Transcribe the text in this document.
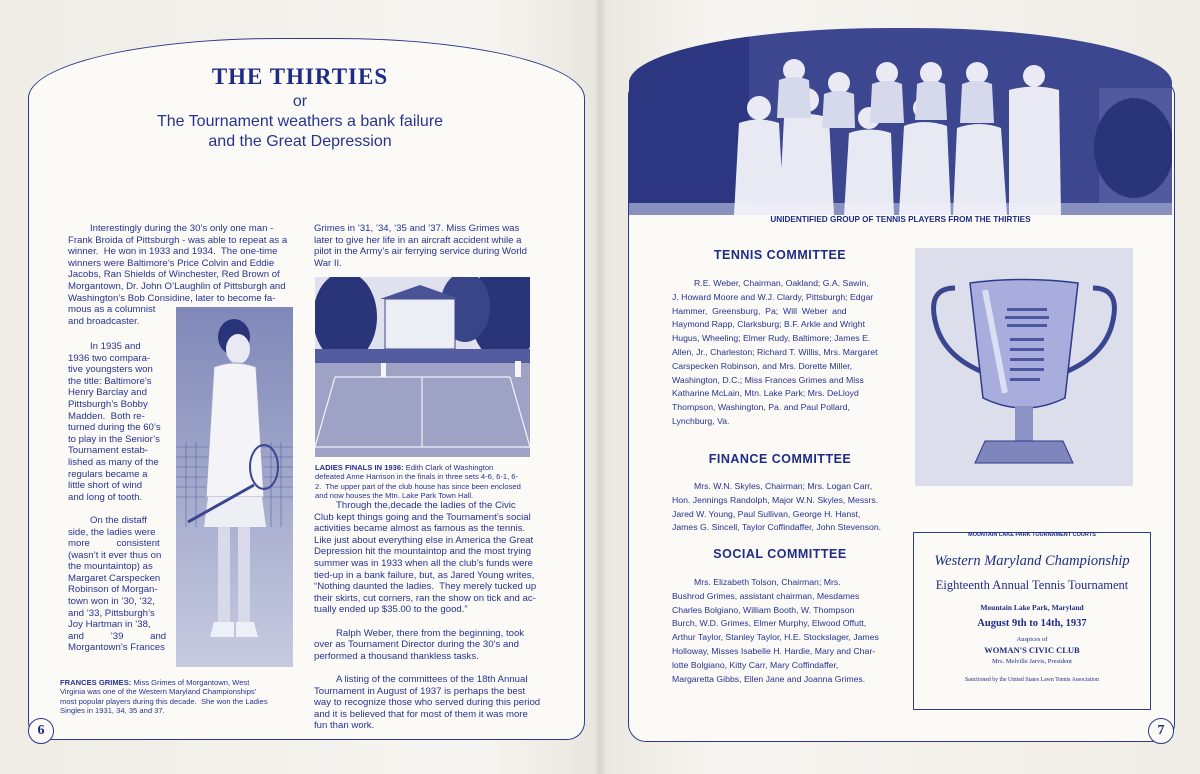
THE THIRTIES
or
The Tournament weathers a bank failure
and the Great Depression
Interestingly during the 30’s only one man -
Frank Broida of Pittsburgh - was able to repeat as a
winner.  He won in 1933 and 1934.  The one-time
winners were Baltimore’s Price Colvin and Eddie
Jacobs, Ran Shields of Winchester, Red Brown of
Morgantown, Dr. John O’Laughlin of Pittsburgh and
Washington’s Bob Considine, later to become fa-
mous as a columnist
and broadcaster.
In 1935 and
1936 two compara-
tive youngsters won
the title: Baltimore’s
Henry Barclay and
Pittsburgh’s Bobby
Madden.  Both re-
turned during the 60’s
to play in the Senior’s
Tournament estab-
lished as many of the
regulars became a
little short of wind
and long of tooth.

On the distaff
side, the ladies were
more          consistent
(wasn’t it ever thus on
the mountaintop) as
Margaret Carspecken
Robinson of Morgan-
town won in ’30, ’32,
and ’33, Pittsburgh’s
Joy Hartman in ’38,
and          ’39          and
Morgantown’s Frances
FRANCES GRIMES: Miss Grimes of Morgantown, West
Virginia was one of the Western Maryland Championships’
most popular players during this decade.  She won the Ladies
Singles in 1931, 34, 35 and 37.
Grimes in ’31, ’34, ’35 and ’37. Miss Grimes was
later to give her life in an aircraft accident while a
pilot in the Army’s air ferrying service during World
War II.
LADIES FINALS IN 1936: Edith Clark of Washington
defeated Anne Harrison in the finals in three sets 4-6, 6-1, 6-
2.  The upper part of the club house has since been enclosed
and now houses the Mtn. Lake Park Town Hall.
Through the,decade the ladies of the Civic
Club kept things going and the Tournament’s social
activities became almost as famous as the tennis.
Like just about everything else in America the Great
Depression hit the mountaintop and the most trying
summer was in 1933 when all the club’s funds were
tied-up in a bank failure, but, as Jared Young writes,
“Nothing daunted the ladies.  They merely tucked up
their skirts, cut corners, ran the show on tick and ac-
tually ended up $35.00 to the good.”

Ralph Weber, there from the beginning, took
over as Tournament Director during the 30’s and
performed a thousand thankless tasks.

A listing of the committees of the 18th Annual
Tournament in August of 1937 is perhaps the best
way to recognize those who served during this period
and it is believed that for most of them it was more
fun than work.
6
UNIDENTIFIED GROUP OF TENNIS PLAYERS FROM THE THIRTIES
TENNIS COMMITTEE
R.E. Weber, Chairman, Oakland; G.A. Sawin,
J. Howard Moore and W.J. Clardy, Pittsburgh; Edgar
Hammer,  Greensburg,  Pa;  Will  Weber  and
Haymond Rapp, Clarksburg; B.F. Arkle and Wright
Hugus, Wheeling; Elmer Rudy, Baltimore; James E.
Allen, Jr., Charleston; Richard T. Willis, Mrs. Margaret
Carspecken Robinson, and Mrs. Dorette Miller,
Washington, D.C.; Miss Frances Grimes and Miss
Katharine McLain, Mtn. Lake Park; Mrs. DeLloyd
Thompson, Washington, Pa. and Paul Pollard,
Lynchburg, Va.
FINANCE COMMITTEE
Mrs. W.N. Skyles, Chairman; Mrs. Logan Carr,
Hon. Jennings Randolph, Major W.N. Skyles, Messrs.
Jared W. Young, Paul Sullivan, George H. Hanst,
James G. Sincell, Taylor Coffindaffer, John Stevenson.
SOCIAL COMMITTEE
Mrs. Elizabeth Tolson, Chairman; Mrs.
Bushrod Grimes, assistant chairman, Mesdames
Charles Bolgiano, William Booth, W. Thompson
Burch, W.D. Grimes, Elmer Murphy, Elwood Offutt,
Arthur Taylor, Stanley Taylor, H.E. Stockslager, James
Holloway, Misses Isabelle H. Hardie, Mary and Char-
lotte Bolgiano, Kitty Carr, Mary Coffindaffer,
Margaretta Gibbs, Ellen Jane and Joanna Grimes.
MOUNTAIN LAKE PARK TOURNAMENT COURTS
Western Maryland Championship
Eighteenth Annual Tennis Tournament
Mountain Lake Park, Maryland
August 9th to 14th, 1937
Auspices of
WOMAN'S CIVIC CLUB
Mrs. Melville Jarvis, President
Sanctioned by the United States Lawn Tennis Association
7
